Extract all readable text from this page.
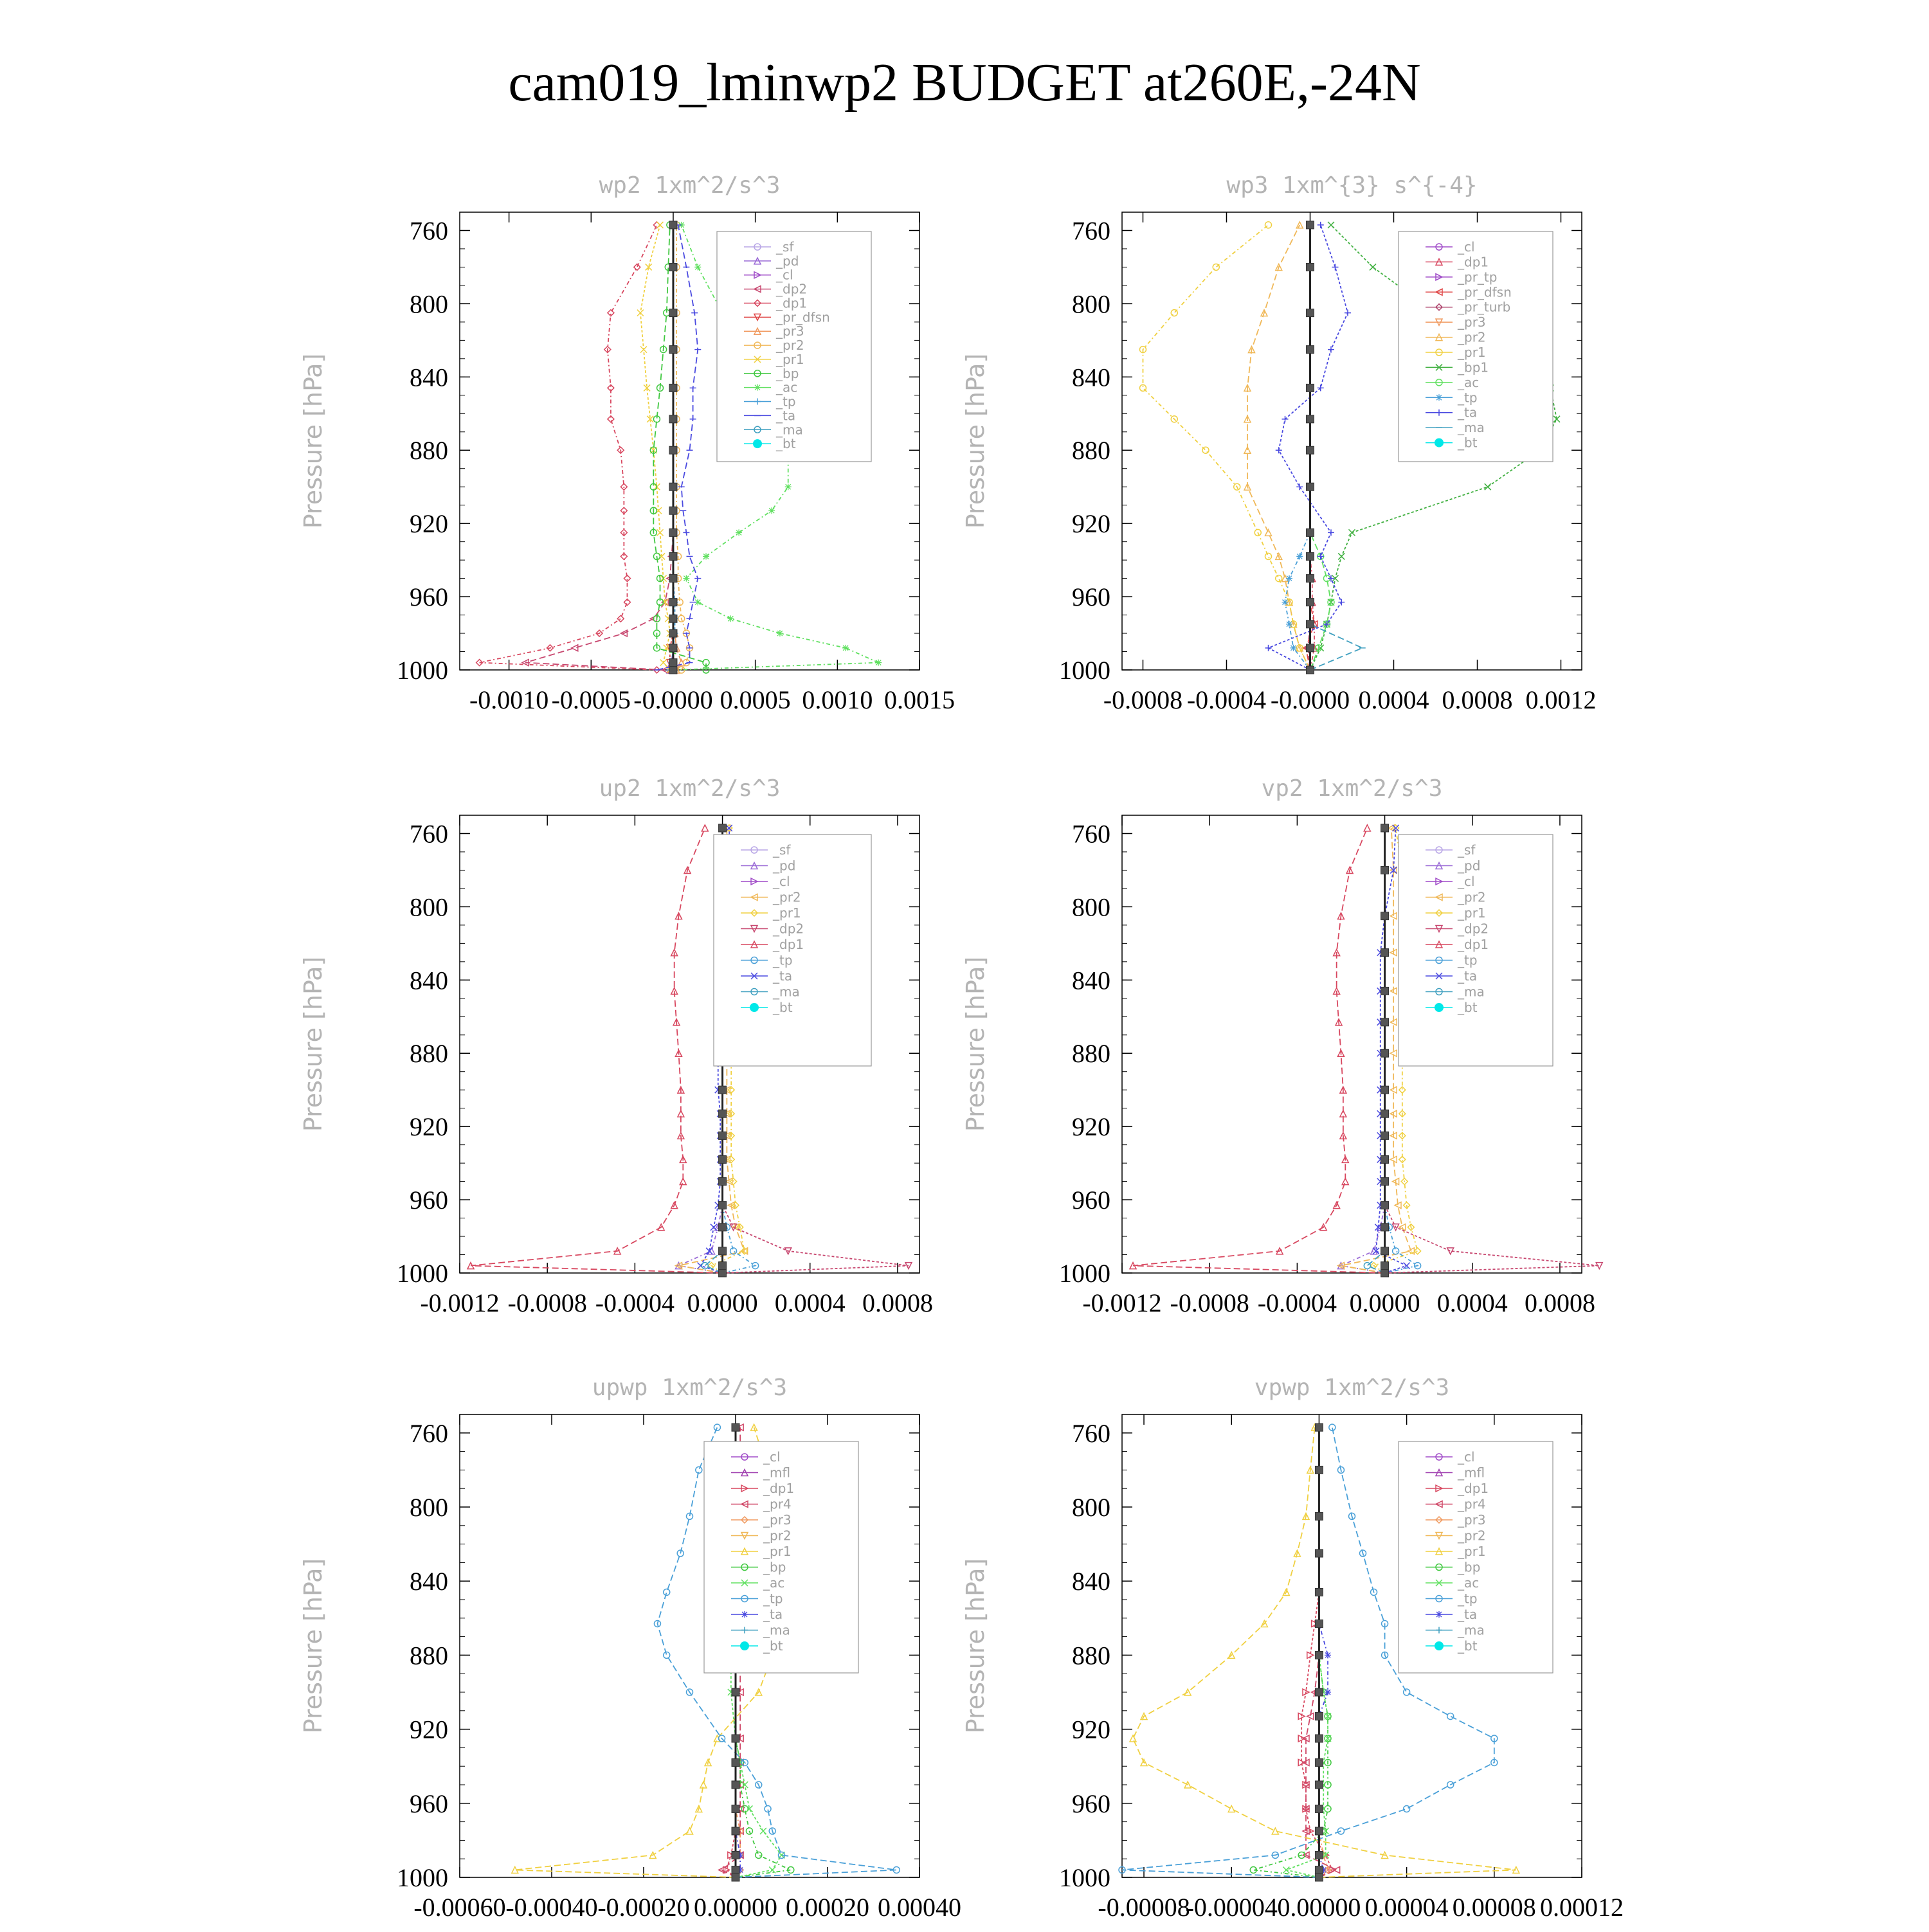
cam019_lminwp2 BUDGET at260E,-24N
wp2 1xm^2/s^3
Pressure [hPa]
760
800
840
880
920
960
1000
-0.0010 -0.0005 -0.0000 0.0005 0.0010 0.0015
_sf
_pd
_cl
_dp2
_dp1
_pr_dfsn
_pr3
_pr2
_pr1
_bp
_ac
_tp
_ta
_ma
_bt
wp3 1xm^{3} s^{-4}
Pressure [hPa]
760
800
840
880
920
960
1000
-0.0008 -0.0004 -0.0000 0.0004 0.0008 0.0012
_cl
_dp1
_pr_tp
_pr_dfsn
_pr_turb
_pr3
_pr2
_pr1
_bp1
_ac
_tp
_ta
_ma
_bt
up2 1xm^2/s^3
Pressure [hPa]
760
800
840
880
920
960
1000
-0.0012 -0.0008 -0.0004 0.0000 0.0004 0.0008
_sf
_pd
_cl
_pr2
_pr1
_dp2
_dp1
_tp
_ta
_ma
_bt
vp2 1xm^2/s^3
Pressure [hPa]
760
800
840
880
920
960
1000
-0.0012 -0.0008 -0.0004 0.0000 0.0004 0.0008
_sf
_pd
_cl
_pr2
_pr1
_dp2
_dp1
_tp
_ta
_ma
_bt
upwp 1xm^2/s^3
Pressure [hPa]
760
800
840
880
920
960
1000
-0.00060 -0.00040 -0.00020 0.00000 0.00020 0.00040
_cl
_mfl
_dp1
_pr4
_pr3
_pr2
_pr1
_bp
_ac
_tp
_ta
_ma
_bt
vpwp 1xm^2/s^3
Pressure [hPa]
760
800
840
880
920
960
1000
-0.00008
-0.00004 0.00000 0.00004 0.00008 0.00012
_cl
_mfl
_dp1
_pr4
_pr3
_pr2
_pr1
_bp
_ac
_tp
_ta
_ma
_bt
